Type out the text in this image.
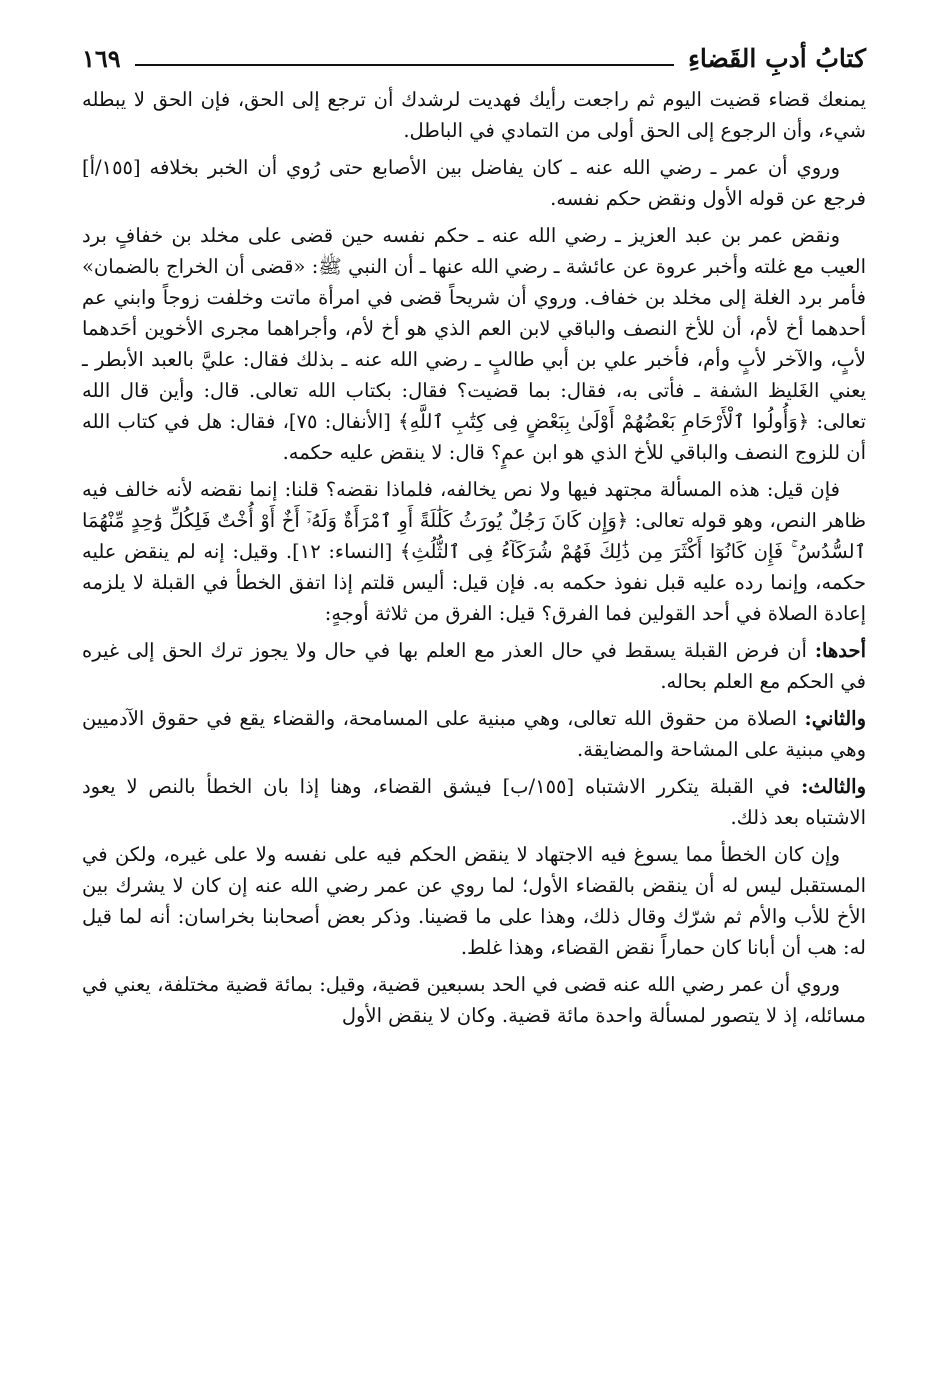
كتابُ أدبِ القَضاءِ
١٦٩

يمنعك قضاء قضيت اليوم ثم راجعت رأيك فهديت لرشدك أن ترجع إلى الحق، فإن الحق لا يبطله شيء، وأن الرجوع إلى الحق أولى من التمادي في الباطل.

وروي أن عمر ـ رضي الله عنه ـ كان يفاضل بين الأصابع حتى رُوي أن الخبر بخلافه [١٥٥/أ] فرجع عن قوله الأول ونقض حكم نفسه.

ونقض عمر بن عبد العزيز ـ رضي الله عنه ـ حكم نفسه حين قضى على مخلد بن خفافٍ برد العيب مع غلته وأخبر عروة عن عائشة ـ رضي الله عنها ـ أن النبي ﷺ: «قضى أن الخراج بالضمان» فأمر برد الغلة إلى مخلد بن خفاف. وروي أن شريحاً قضى في امرأة ماتت وخلفت زوجاً وابني عم أحدهما أخ لأم، أن للأخ النصف والباقي لابن العم الذي هو أخ لأم، وأجراهما مجرى الأخوين أحَدهما لأبٍ، والآخر لأبٍ وأم، فأخبر علي بن أبي طالبٍ ـ رضي الله عنه ـ بذلك فقال: عليَّ بالعبد الأبطر ـ يعني الغَليظ الشفة ـ فأتى به، فقال: بما قضيت؟ فقال: بكتاب الله تعالى. قال: وأين قال الله تعالى: ﴿وَأُولُوا ٱلْأَرْحَامِ بَعْضُهُمْ أَوْلَىٰ بِبَعْضٍ فِى كِتَٰبِ ٱللَّهِ﴾ [الأنفال: ٧٥]، فقال: هل في كتاب الله أن للزوج النصف والباقي للأخ الذي هو ابن عمٍ؟ قال: لا ينقض عليه حكمه.

فإن قيل: هذه المسألة مجتهد فيها ولا نص يخالفه، فلماذا نقضه؟ قلنا: إنما نقضه لأنه خالف فيه ظاهر النص، وهو قوله تعالى: ﴿وَإِن كَانَ رَجُلٌ يُورَثُ كَلَٰلَةً أَوِ ٱمْرَأَةٌ وَلَهُۥٓ أَخٌ أَوْ أُخْتٌ فَلِكُلِّ وَٰحِدٍ مِّنْهُمَا ٱلسُّدُسُ ۚ فَإِن كَانُوٓا أَكْثَرَ مِن ذَٰلِكَ فَهُمْ شُرَكَآءُ فِى ٱلثُّلُثِ﴾ [النساء: ١٢]. وقيل: إنه لم ينقض عليه حكمه، وإنما رده عليه قبل نفوذ حكمه به. فإن قيل: أليس قلتم إذا اتفق الخطأ في القبلة لا يلزمه إعادة الصلاة في أحد القولين فما الفرق؟ قيل: الفرق من ثلاثة أوجهٍ:

أحدها: أن فرض القبلة يسقط في حال العذر مع العلم بها في حال ولا يجوز ترك الحق إلى غيره في الحكم مع العلم بحاله.

والثاني: الصلاة من حقوق الله تعالى، وهي مبنية على المسامحة، والقضاء يقع في حقوق الآدميين وهي مبنية على المشاحة والمضايقة.

والثالث: في القبلة يتكرر الاشتباه [١٥٥/ب] فيشق القضاء، وهنا إذا بان الخطأ بالنص لا يعود الاشتباه بعد ذلك.

وإن كان الخطأ مما يسوغ فيه الاجتهاد لا ينقض الحكم فيه على نفسه ولا على غيره، ولكن في المستقبل ليس له أن ينقض بالقضاء الأول؛ لما روي عن عمر رضي الله عنه إن كان لا يشرك بين الأخ للأب والأم ثم شرّك وقال ذلك، وهذا على ما قضينا. وذكر بعض أصحابنا بخراسان: أنه لما قيل له: هب أن أبانا كان حماراً نقض القضاء، وهذا غلط.

وروي أن عمر رضي الله عنه قضى في الحد بسبعين قضية، وقيل: بمائة قضية مختلفة، يعني في مسائله، إذ لا يتصور لمسألة واحدة مائة قضية. وكان لا ينقض الأول
